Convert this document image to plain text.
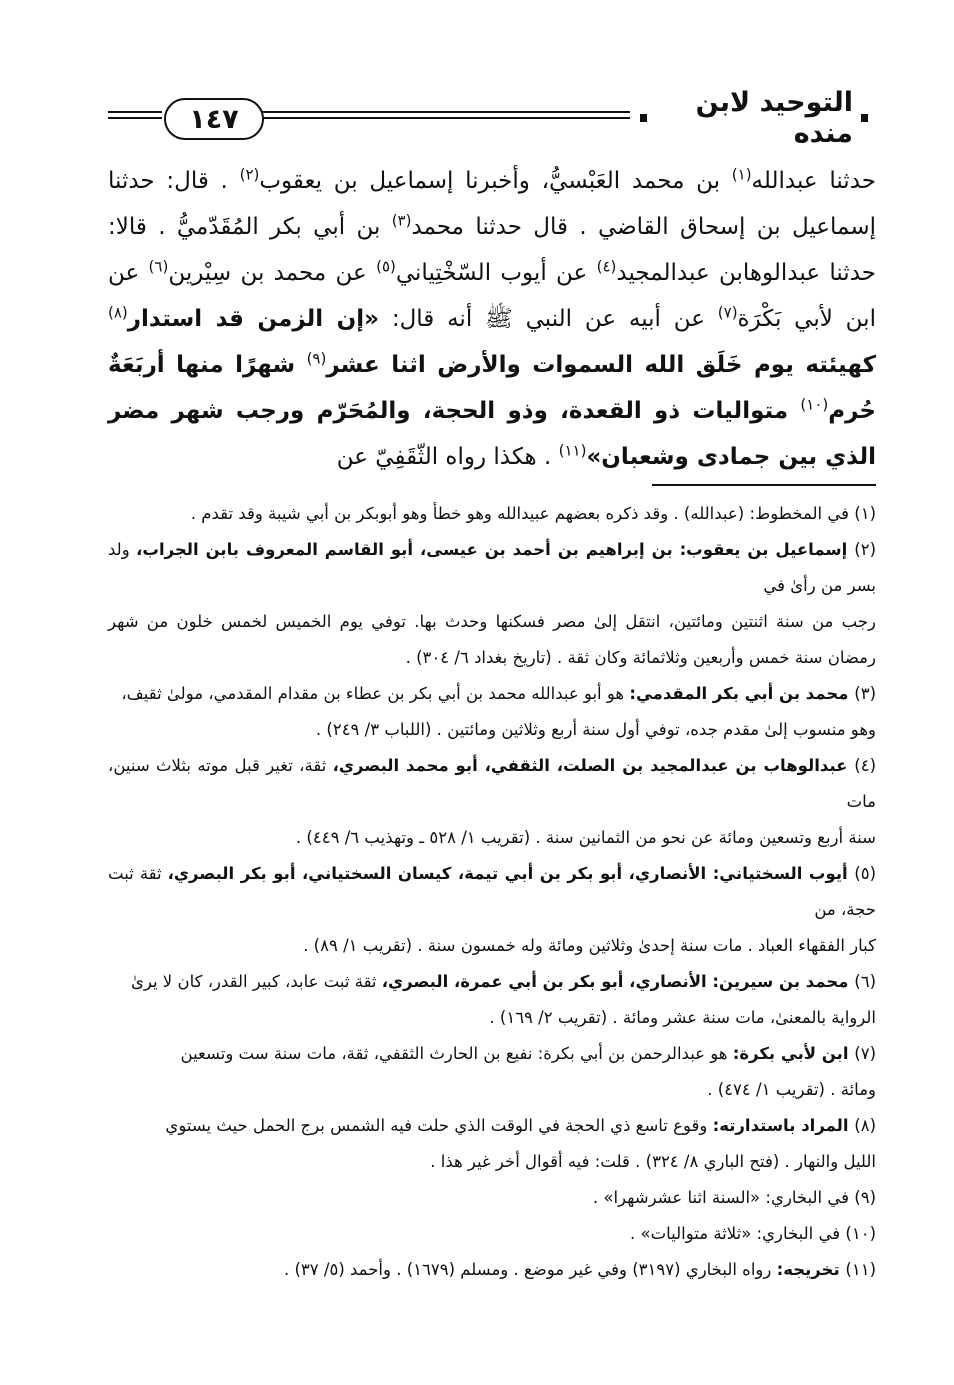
١٤٧
التوحيد لابن منده

حدثنا عبدالله$^{(١)}$ بن محمد العَبْسيُّ، وأخبرنا إسماعيل بن يعقوب$^{(٢)}$ . قال: حدثنا إسماعيل بن إسحاق القاضي . قال حدثنا محمد$^{(٣)}$ بن أبي بكر المُقَدّميُّ . قالا: حدثنا عبدالوهابن عبدالمجيد$^{(٤)}$ عن أيوب السّخْتِياني$^{(٥)}$ عن محمد بن سِيْرين$^{(٦)}$ عن ابن لأبي بَكْرَة$^{(٧)}$ عن أبيه عن النبي ﷺ أنه قال: «إن الزمن قد استدار$^{(٨)}$ كهيئته يوم خَلَق الله السموات والأرض اثنا عشر$^{(٩)}$ شهرًا منها أربَعَةٌ حُرم$^{(١٠)}$ متواليات ذو القعدة، وذو الحجة، والمُحَرّم ورجب شهر مضر الذي بين جمادى وشعبان»$^{(١١)}$ . هكذا رواه الثّقَفِيّ عن

(١) في المخطوط: (عبدالله) . وقد ذكره بعضهم عبيدالله وهو خطأ وهو أبوبكر بن أبي شيبة وقد تقدم .
(٢) إسماعيل بن يعقوب: بن إبراهيم بن أحمد بن عيسى، أبو القاسم المعروف بابن الجراب، ولد بسر من رأىٰ في
رجب من سنة اثنتين ومائتين، انتقل إلىٰ مصر فسكنها وحدث بها. توفي يوم الخميس لخمس خلون من شهر رمضان سنة خمس وأربعين وثلاثمائة وكان ثقة . (تاريخ بغداد ٦/ ٣٠٤) .
(٣) محمد بن أبي بكر المقدمي: هو أبو عبدالله محمد بن أبي بكر بن عطاء بن مقدام المقدمي، مولىٰ ثقيف،
وهو منسوب إلىٰ مقدم جده، توفي أول سنة أربع وثلاثين ومائتين . (اللباب ٣/ ٢٤٩) .
(٤) عبدالوهاب بن عبدالمجيد بن الصلت، الثقفي، أبو محمد البصري، ثقة، تغير قبل موته بثلاث سنين، مات
سنة أربع وتسعين ومائة عن نحو من الثمانين سنة . (تقريب ١/ ٥٢٨ ـ وتهذيب ٦/ ٤٤٩) .
(٥) أيوب السختياني: الأنصاري، أبو بكر بن أبي تيمة، كيسان السختياني، أبو بكر البصري، ثقة ثبت حجة، من
كبار الفقهاء العباد . مات سنة إحدىٰ وثلاثين ومائة وله خمسون سنة . (تقريب ١/ ٨٩) .
(٦) محمد بن سيرين: الأنصاري، أبو بكر بن أبي عمرة، البصري، ثقة ثبت عابد، كبير القدر، كان لا يرىٰ
الرواية بالمعنىٰ، مات سنة عشر ومائة . (تقريب ٢/ ١٦٩) .
(٧) ابن لأبي بكرة: هو عبدالرحمن بن أبي بكرة: نفيع بن الحارث الثقفي، ثقة، مات سنة ست وتسعين
ومائة . (تقريب ١/ ٤٧٤) .
(٨) المراد باستدارته: وقوع تاسع ذي الحجة في الوقت الذي حلت فيه الشمس برج الحمل حيث يستوي
الليل والنهار . (فتح الباري ٨/ ٣٢٤) . قلت: فيه أقوال أخر غير هذا .
(٩) في البخاري: «السنة اثنا عشرشهرا» .
(١٠) في البخاري: «ثلاثة متواليات» .
(١١) تخريجه: رواه البخاري (٣١٩٧) وفي غير موضع . ومسلم (١٦٧٩) . وأحمد (٥/ ٣٧) .
